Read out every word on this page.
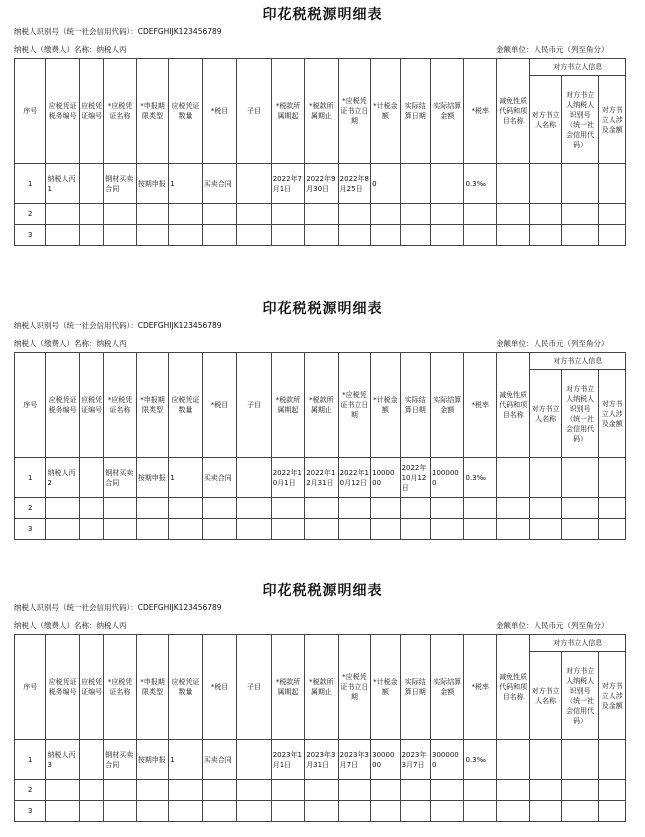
印花税税源明细表
纳税人识别号（统一社会信用代码）：CDEFGHIJK123456789
纳税人（缴费人）名称：纳税人丙	金额单位：人民币元（列至角分）
序号	应税凭证税务编号	应税凭证编号	*应税凭证名称	*申报期限类型	应税凭证数量	*税目	子目	*税款所属期起	*税款所属期止	*应税凭证书立日期	*计税金额	实际结算日期	实际结算金额	*税率	减免性质代码和项目名称	对方书立人信息		
																对方书立人名称	对方书立人纳税人识别号（统一社会信用代码）	对方书立人涉及金额
1	纳税人丙1		钢材买卖合同	按期申报	1	买卖合同		2022年7月1日	2022年9月30日	2022年8月25日	0			0.3‰				
2																		
3																		
印花税税源明细表
纳税人识别号（统一社会信用代码）：CDEFGHIJK123456789
纳税人（缴费人）名称：纳税人丙	金额单位：人民币元（列至角分）
序号	应税凭证税务编号	应税凭证编号	*应税凭证名称	*申报期限类型	应税凭证数量	*税目	子目	*税款所属期起	*税款所属期止	*应税凭证书立日期	*计税金额	实际结算日期	实际结算金额	*税率	减免性质代码和项目名称	对方书立人信息		
																对方书立人名称	对方书立人纳税人识别号（统一社会信用代码）	对方书立人涉及金额
1	纳税人丙2		钢材买卖合同	按期申报	1	买卖合同		2022年10月1日	2022年12月31日	2022年10月12日	1000000	2022年10月12日	1000000	0.3‰				
2																		
3																		
印花税税源明细表
纳税人识别号（统一社会信用代码）：CDEFGHIJK123456789
纳税人（缴费人）名称：纳税人丙	金额单位：人民币元（列至角分）
序号	应税凭证税务编号	应税凭证编号	*应税凭证名称	*申报期限类型	应税凭证数量	*税目	子目	*税款所属期起	*税款所属期止	*应税凭证书立日期	*计税金额	实际结算日期	实际结算金额	*税率	减免性质代码和项目名称	对方书立人信息		
																对方书立人名称	对方书立人纳税人识别号（统一社会信用代码）	对方书立人涉及金额
1	纳税人丙3		钢材买卖合同	按期申报	1	买卖合同		2023年1月1日	2023年3月31日	2023年3月7日	3000000	2023年3月7日	3000000	0.3‰				
2																		
3																		
